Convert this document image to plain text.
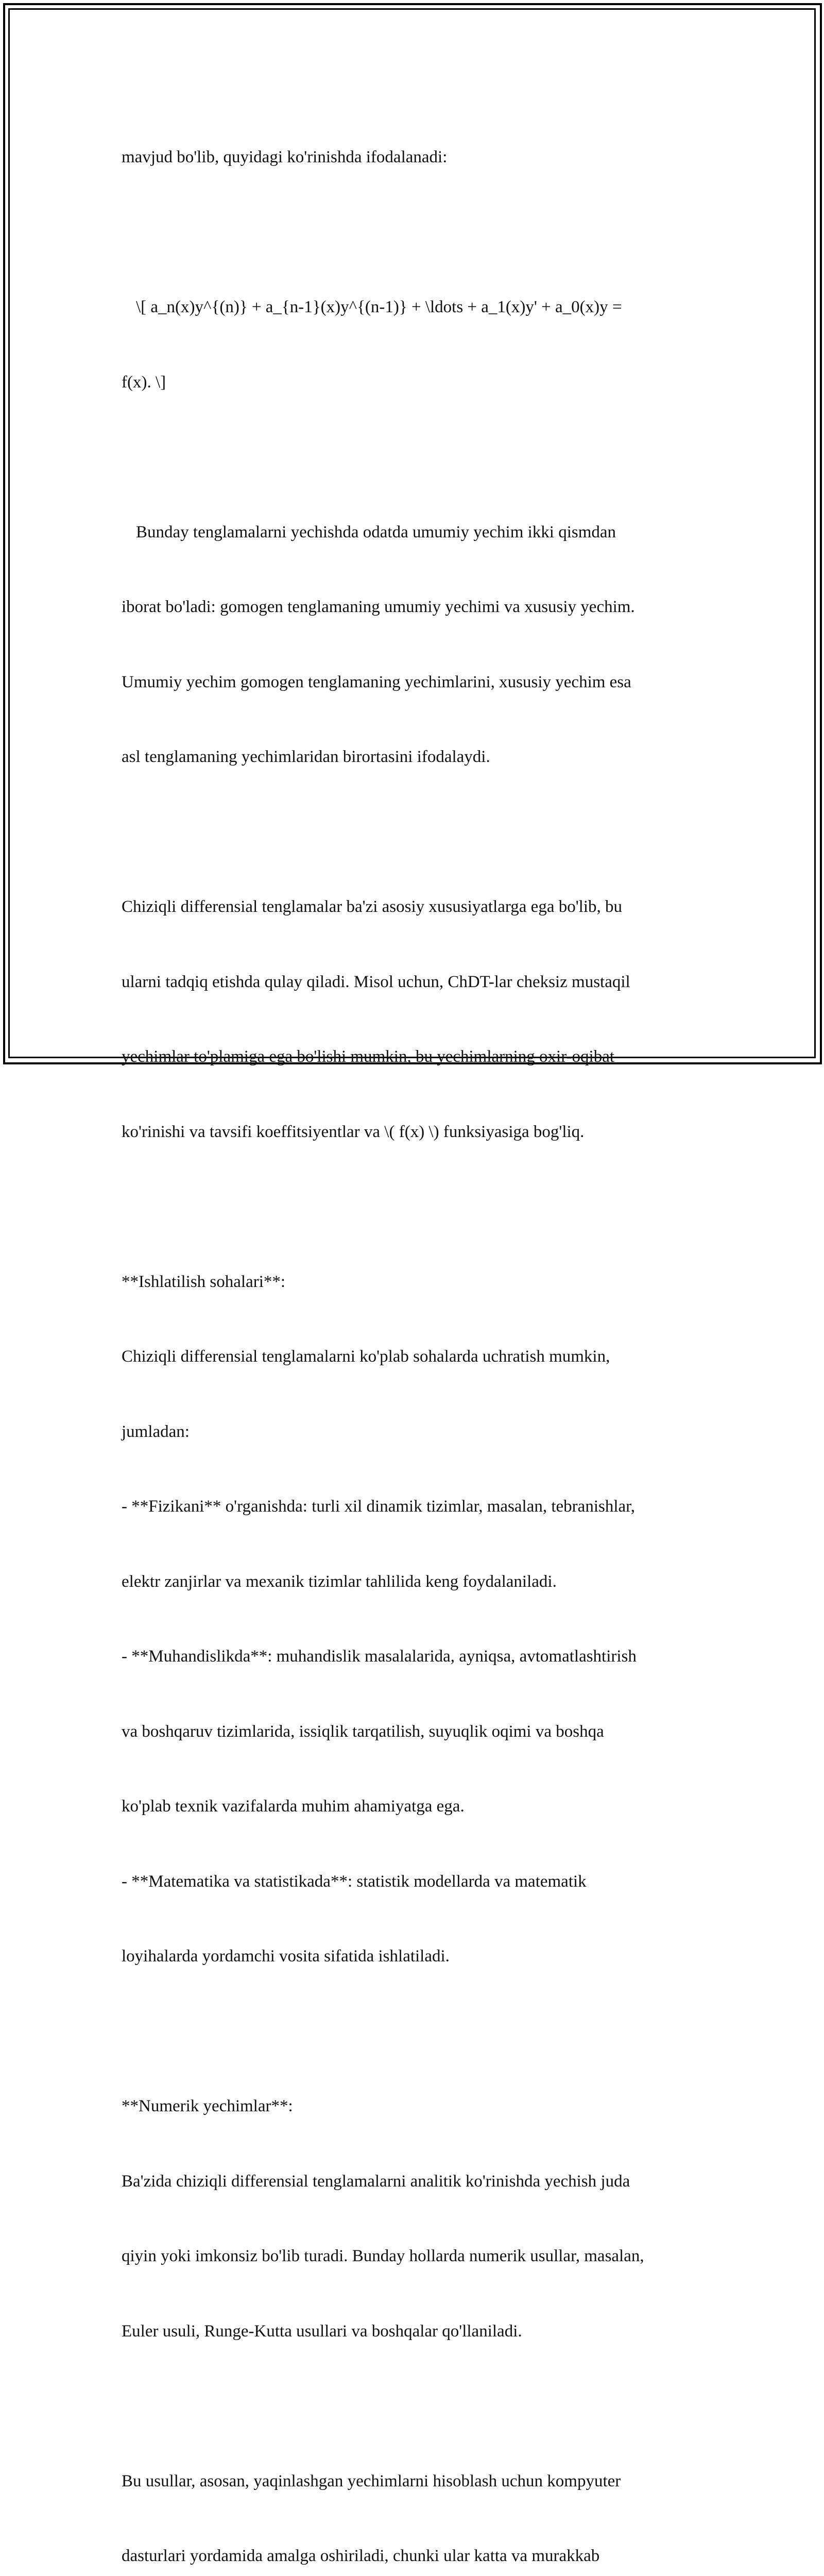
mavjud bo'lib, quyidagi ko'rinishda ifodalanadi:

\[ a_n(x)y^{(n)} + a_{n-1}(x)y^{(n-1)} + \ldots + a_1(x)y' + a_0(x)y =

f(x). \]

Bunday tenglamalarni yechishda odatda umumiy yechim ikki qismdan

iborat bo'ladi: gomogen tenglamaning umumiy yechimi va xususiy yechim.

Umumiy yechim gomogen tenglamaning yechimlarini, xususiy yechim esa

asl tenglamaning yechimlaridan birortasini ifodalaydi.

Chiziqli differensial tenglamalar ba'zi asosiy xususiyatlarga ega bo'lib, bu

ularni tadqiq etishda qulay qiladi. Misol uchun, ChDT-lar cheksiz mustaqil

yechimlar to'plamiga ega bo'lishi mumkin, bu yechimlarning oxir-oqibat

ko'rinishi va tavsifi koeffitsiyentlar va \( f(x) \) funksiyasiga bog'liq.

**Ishlatilish sohalari**:

Chiziqli differensial tenglamalarni ko'plab sohalarda uchratish mumkin,

jumladan:

- **Fizikani** o'rganishda: turli xil dinamik tizimlar, masalan, tebranishlar,

elektr zanjirlar va mexanik tizimlar tahlilida keng foydalaniladi.

- **Muhandislikda**: muhandislik masalalarida, ayniqsa, avtomatlashtirish

va boshqaruv tizimlarida, issiqlik tarqatilish, suyuqlik oqimi va boshqa

ko'plab texnik vazifalarda muhim ahamiyatga ega.

- **Matematika va statistikada**: statistik modellarda va matematik

loyihalarda yordamchi vosita sifatida ishlatiladi.

**Numerik yechimlar**:

Ba'zida chiziqli differensial tenglamalarni analitik ko'rinishda yechish juda

qiyin yoki imkonsiz bo'lib turadi. Bunday hollarda numerik usullar, masalan,

Euler usuli, Runge-Kutta usullari va boshqalar qo'llaniladi.

Bu usullar, asosan, yaqinlashgan yechimlarni hisoblash uchun kompyuter

dasturlari yordamida amalga oshiriladi, chunki ular katta va murakkab
